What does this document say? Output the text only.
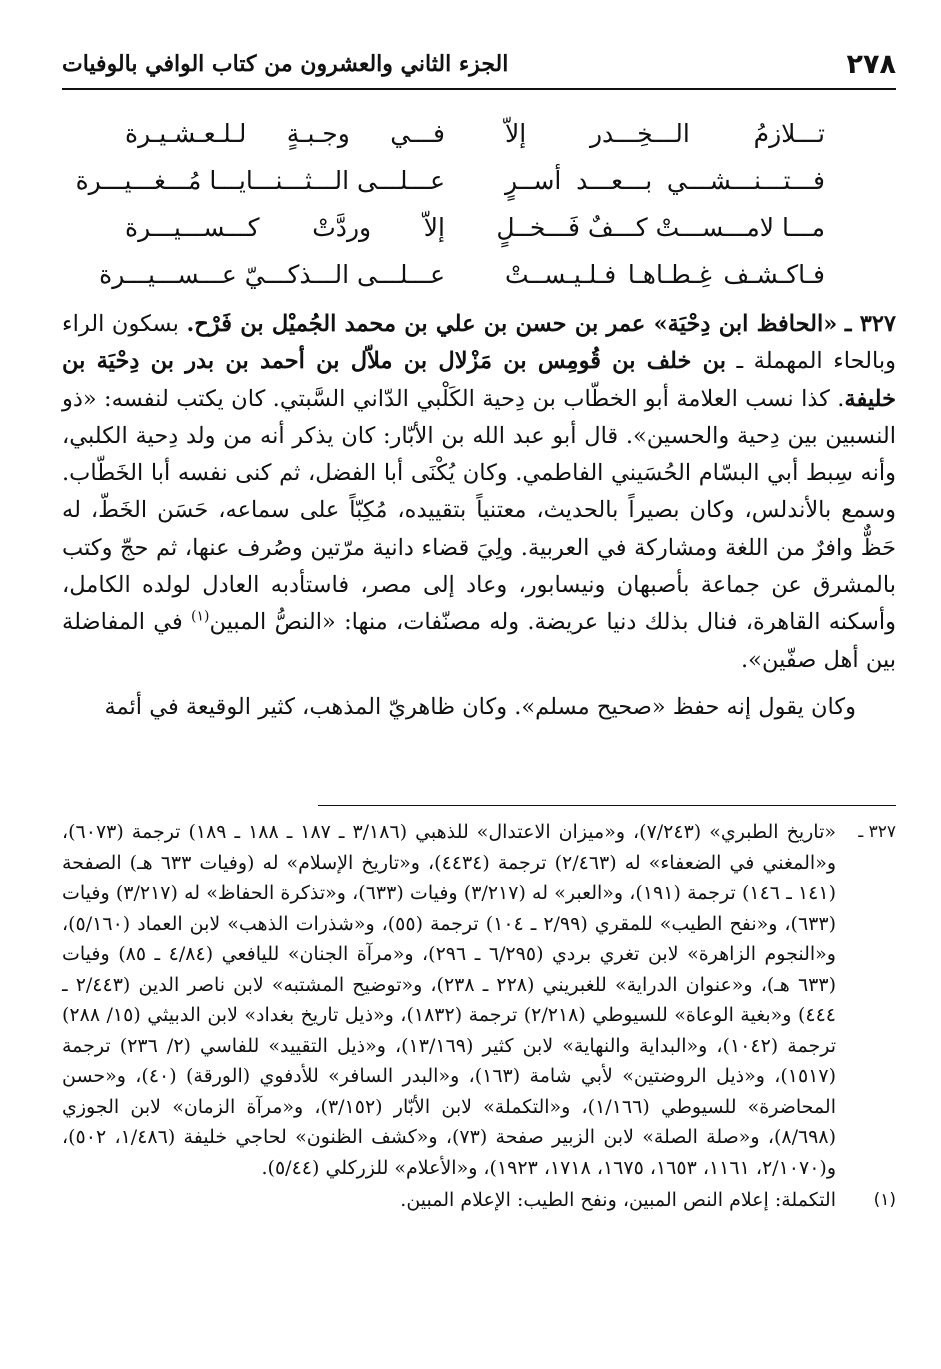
٢٧٨
الجزء الثاني والعشرون من كتاب الوافي بالوفيات
تـــلازمُ الـــخِـــدر إلاّ
فـــي وجـبـةٍ لـلـعـشـيـرة
فـــتـــنـــشـــي بـــعـــد أســرٍ
عـــلـــى الـــثـــنـــايـــا مُـــغـــيـــرة
مـــا لامـــســـتْ كـــفٌ فَـــخــلٍ
إلاّ وردَّتْ كـــســـيـــرة
فـاكـشـف غِـطـاهـا فـلـيـســتْ
عـــلـــى الـــذكـــيّ عـــســـيـــرة

٣٢٧ ـ «الحافظ ابن دِحْيَة» عمر بن حسن بن علي بن محمد الجُميْل بن فَرْح. بسكون الراء وبالحاء المهملة ـ بن خلف بن قُومِس بن مَزْلال بن ملاّل بن أحمد بن بدر بن دِحْيَة بن خليفة. كذا نسب العلامة أبو الخطّاب بن دِحية الكَلْبي الدّاني السَّبتي. كان يكتب لنفسه: «ذو النسبين بين دِحية والحسين». قال أبو عبد الله بن الأبّار: كان يذكر أنه من ولد دِحية الكلبي، وأنه سِبط أبي البسّام الحُسَيني الفاطمي. وكان يُكْنَى أبا الفضل، ثم كنى نفسه أبا الخَطّاب. وسمع بالأندلس، وكان بصيراً بالحديث، معتنياً بتقييده، مُكِبّاً على سماعه، حَسَن الخَطّ، له حَظٌّ وافرٌ من اللغة ومشاركة في العربية. ولِيَ قضاء دانية مرّتين وصُرف عنها، ثم حجّ وكتب بالمشرق عن جماعة بأصبهان ونيسابور، وعاد إلى مصر، فاستأدبه العادل لولده الكامل، وأسكنه القاهرة، فنال بذلك دنيا عريضة. وله مصنّفات، منها: «النصُّ المبين$^{(١)}$ في المفاضلة بين أهل صفّين».

وكان يقول إنه حفظ «صحيح مسلم». وكان ظاهريّ المذهب، كثير الوقيعة في أئمة

٣٢٧ ـ
«تاريخ الطبري» (٧/٢٤٣)، و«ميزان الاعتدال» للذهبي (٣/١٨٦ ـ ١٨٧ ـ ١٨٨ ـ ١٨٩) ترجمة (٦٠٧٣)، و«المغني في الضعفاء» له (٢/٤٦٣) ترجمة (٤٤٣٤)، و«تاريخ الإسلام» له (وفيات ٦٣٣ هـ) الصفحة (١٤١ ـ ١٤٦) ترجمة (١٩١)، و«العبر» له (٣/٢١٧) وفيات (٦٣٣)، و«تذكرة الحفاظ» له (٣/٢١٧) وفيات (٦٣٣)، و«نفح الطيب» للمقري (٢/٩٩ ـ ١٠٤) ترجمة (٥٥)، و«شذرات الذهب» لابن العماد (٥/١٦٠)، و«النجوم الزاهرة» لابن تغري بردي (٦/٢٩٥ ـ ٢٩٦)، و«مرآة الجنان» لليافعي (٤/٨٤ ـ ٨٥) وفيات (٦٣٣ هـ)، و«عنوان الدراية» للغبريني (٢٢٨ ـ ٢٣٨)، و«توضيح المشتبه» لابن ناصر الدين (٢/٤٤٣ ـ ٤٤٤) و«بغية الوعاة» للسيوطي (٢/٢١٨) ترجمة (١٨٣٢)، و«ذيل تاريخ بغداد» لابن الدبيثي (١٥/ ٢٨٨) ترجمة (١٠٤٢)، و«البداية والنهاية» لابن كثير (١٣/١٦٩)، و«ذيل التقييد» للفاسي (٢/ ٢٣٦) ترجمة (١٥١٧)، و«ذيل الروضتين» لأبي شامة (١٦٣)، و«البدر السافر» للأدفوي (الورقة) (٤٠)، و«حسن المحاضرة» للسيوطي (١/١٦٦)، و«التكملة» لابن الأبّار (٣/١٥٢)، و«مرآة الزمان» لابن الجوزي (٨/٦٩٨)، و«صلة الصلة» لابن الزبير صفحة (٧٣)، و«كشف الظنون» لحاجي خليفة (١/٤٨٦، ٥٠٢)، و(٢/١٠٧٠، ١١٦١، ١٦٥٣، ١٦٧٥، ١٧١٨، ١٩٢٣)، و«الأعلام» للزركلي (٥/٤٤).
(١)
التكملة: إعلام النص المبين، ونفح الطيب: الإعلام المبين.
